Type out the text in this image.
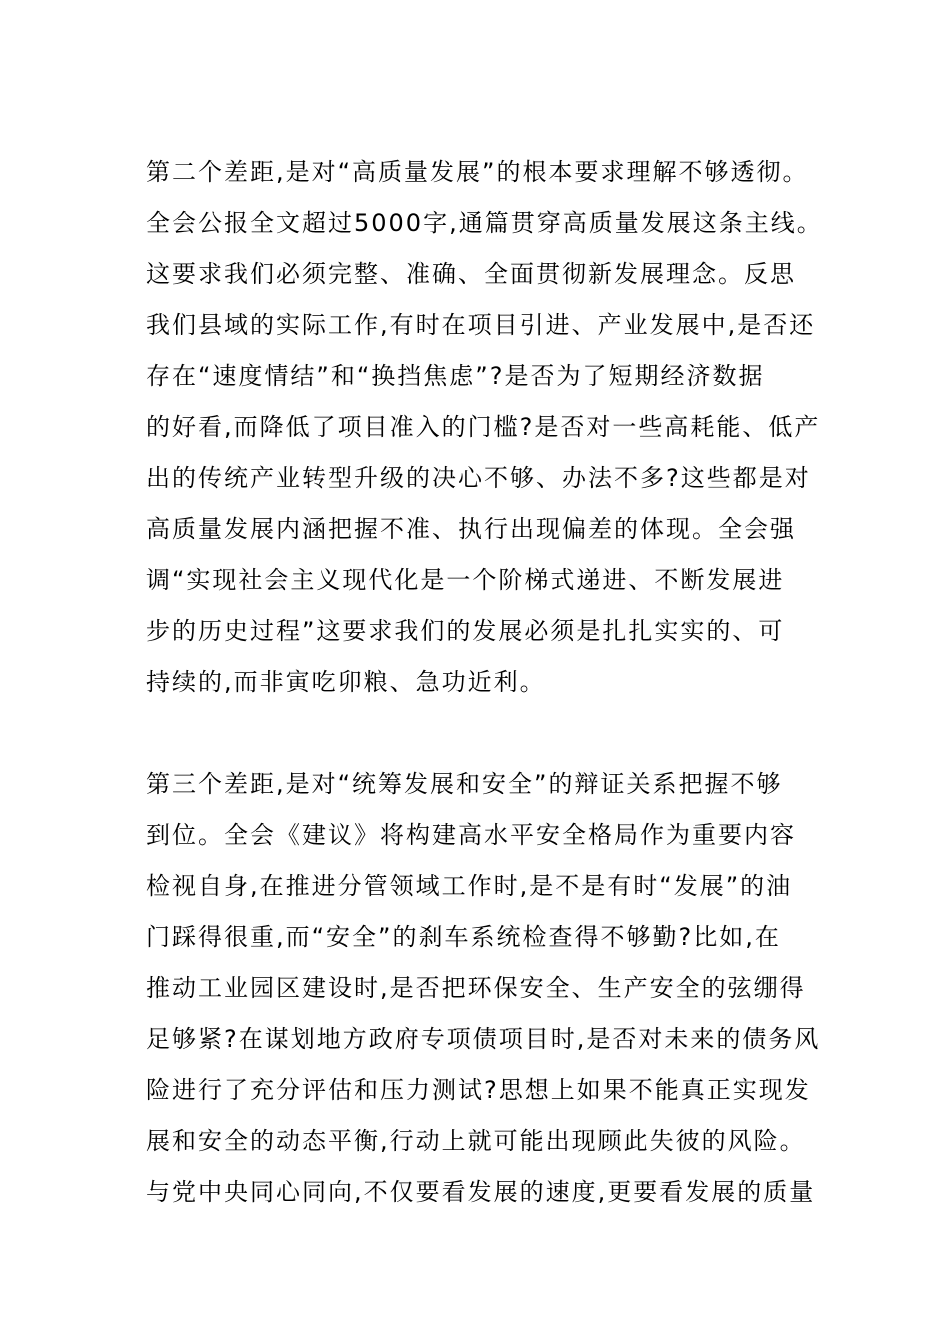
第二个差距,是对“高质量发展”的根本要求理解不够透彻。
全会公报全文超过5000字,通篇贯穿高质量发展这条主线。
这要求我们必须完整、准确、全面贯彻新发展理念。反思
我们县域的实际工作,有时在项目引进、产业发展中,是否还
存在“速度情结”和“换挡焦虑”?是否为了短期经济数据
的好看,而降低了项目准入的门槛?是否对一些高耗能、低产
出的传统产业转型升级的决心不够、办法不多?这些都是对
高质量发展内涵把握不准、执行出现偏差的体现。全会强
调“实现社会主义现代化是一个阶梯式递进、不断发展进
步的历史过程”这要求我们的发展必须是扎扎实实的、可
持续的,而非寅吃卯粮、急功近利。
第三个差距,是对“统筹发展和安全”的辩证关系把握不够
到位。全会《建议》将构建高水平安全格局作为重要内容
检视自身,在推进分管领域工作时,是不是有时“发展”的油
门踩得很重,而“安全”的刹车系统检查得不够勤?比如,在
推动工业园区建设时,是否把环保安全、生产安全的弦绷得
足够紧?在谋划地方政府专项债项目时,是否对未来的债务风
险进行了充分评估和压力测试?思想上如果不能真正实现发
展和安全的动态平衡,行动上就可能出现顾此失彼的风险。
与党中央同心同向,不仅要看发展的速度,更要看发展的质量
